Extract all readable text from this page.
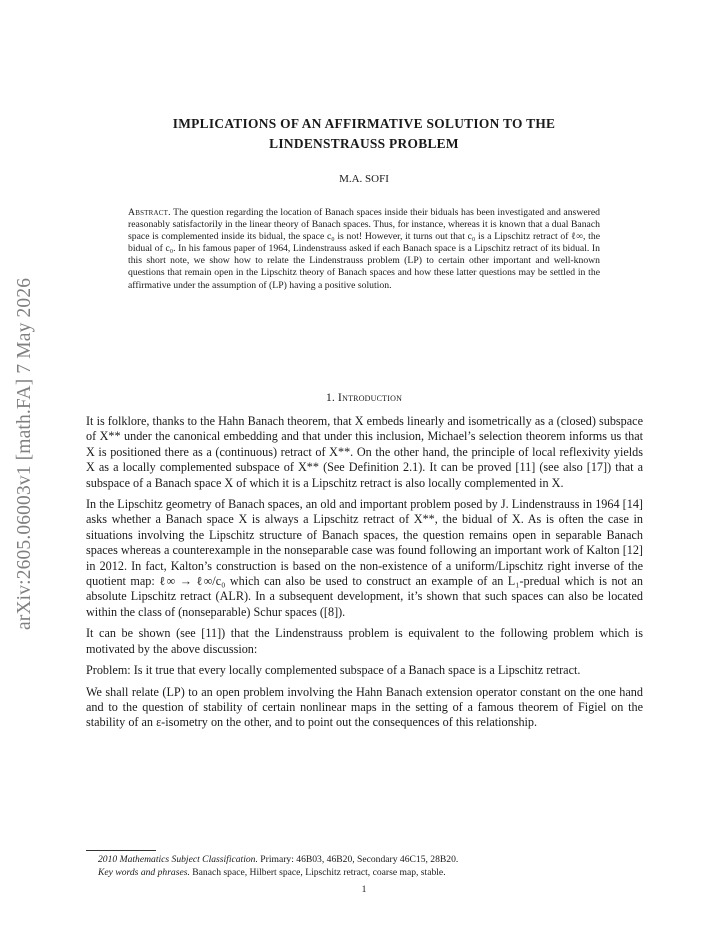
arXiv:2605.06003v1 [math.FA] 7 May 2026
IMPLICATIONS OF AN AFFIRMATIVE SOLUTION TO THE
LINDENSTRAUSS PROBLEM
M.A. SOFI

Abstract. The question regarding the location of Banach spaces inside their biduals has been investigated and answered reasonably satisfactorily in the linear theory of Banach spaces. Thus, for instance, whereas it is known that a dual Banach space is complemented inside its bidual, the space c₀ is not! However, it turns out that c₀ is a Lipschitz retract of ℓ∞, the bidual of c₀. In his famous paper of 1964, Lindenstrauss asked if each Banach space is a Lipschitz retract of its bidual. In this short note, we show how to relate the Lindenstrauss problem (LP) to certain other important and well-known questions that remain open in the Lipschitz theory of Banach spaces and how these latter questions may be settled in the affirmative under the assumption of (LP) having a positive solution.

1. Introduction

It is folklore, thanks to the Hahn Banach theorem, that X embeds linearly and isometrically as a (closed) subspace of X** under the canonical embedding and that under this inclusion, Michael’s selection theorem informs us that X is positioned there as a (continuous) retract of X**. On the other hand, the principle of local reflexivity yields X as a locally complemented subspace of X** (See Definition 2.1). It can be proved [11] (see also [17]) that a subspace of a Banach space X of which it is a Lipschitz retract is also locally complemented in X.

In the Lipschitz geometry of Banach spaces, an old and important problem posed by J. Lindenstrauss in 1964 [14] asks whether a Banach space X is always a Lipschitz retract of X**, the bidual of X. As is often the case in situations involving the Lipschitz structure of Banach spaces, the question remains open in separable Banach spaces whereas a counterexample in the nonseparable case was found following an important work of Kalton [12] in 2012. In fact, Kalton’s construction is based on the non-existence of a uniform/Lipschitz right inverse of the quotient map: ℓ∞ → ℓ∞/c₀ which can also be used to construct an example of an L₁-predual which is not an absolute Lipschitz retract (ALR). In a subsequent development, it’s shown that such spaces can also be located within the class of (nonseparable) Schur spaces ([8]).

It can be shown (see [11]) that the Lindenstrauss problem is equivalent to the following problem which is motivated by the above discussion:

Problem: Is it true that every locally complemented subspace of a Banach space is a Lipschitz retract.

We shall relate (LP) to an open problem involving the Hahn Banach extension operator constant on the one hand and to the question of stability of certain nonlinear maps in the setting of a famous theorem of Figiel on the stability of an ε-isometry on the other, and to point out the consequences of this relationship.

2010 Mathematics Subject Classification. Primary: 46B03, 46B20, Secondary 46C15, 28B20.
Key words and phrases. Banach space, Hilbert space, Lipschitz retract, coarse map, stable.
1
